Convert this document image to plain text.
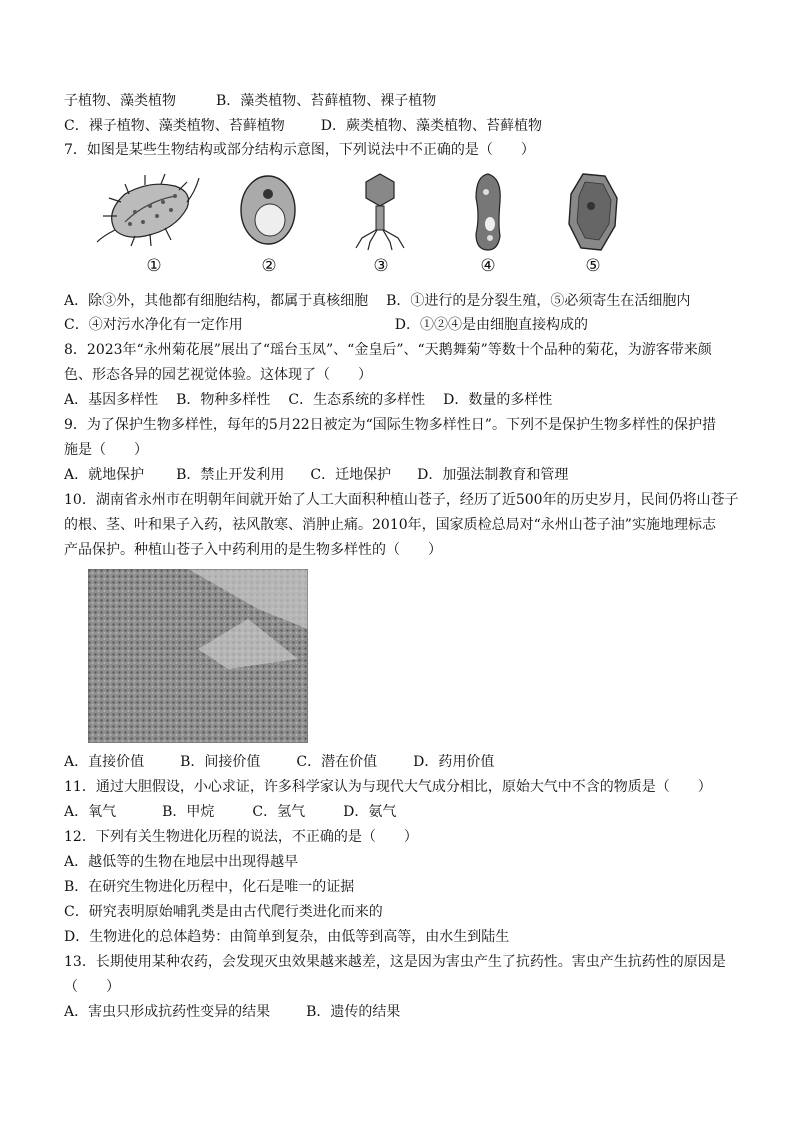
子植物、藻类植物	B．藻类植物、苔藓植物、裸子植物
C．裸子植物、藻类植物、苔藓植物	D．蕨类植物、藻类植物、苔藓植物
7．如图是某些生物结构或部分结构示意图，下列说法中不正确的是（　　）
①	②	③	④	⑤
A．除③外，其他都有细胞结构，都属于真核细胞 B．①进行的是分裂生殖，⑤必须寄生在活细胞内
C．④对污水净化有一定作用	D．①②④是由细胞直接构成的
8．2023年“永州菊花展”展出了“瑶台玉凤”、“金皇后”、“天鹅舞菊”等数十个品种的菊花，为游客带来颜
色、形态各异的园艺视觉体验。这体现了（　　）
A．基因多样性 B．物种多样性 C．生态系统的多样性 D．数量的多样性
9．为了保护生物多样性，每年的5月22日被定为“国际生物多样性日”。下列不是保护生物多样性的保护措
施是（　　）
A．就地保护 B．禁止开发利用 C．迁地保护 D．加强法制教育和管理
10．湖南省永州市在明朝年间就开始了人工大面积种植山苍子，经历了近500年的历史岁月，民间仍将山苍子
的根、茎、叶和果子入药，祛风散寒、消肿止痛。2010年，国家质检总局对“永州山苍子油”实施地理标志
产品保护。种植山苍子入中药利用的是生物多样性的（　　）
A．直接价值	B．间接价值	C．潜在价值	D．药用价值
11．通过大胆假设，小心求证，许多科学家认为与现代大气成分相比，原始大气中不含的物质是（　　）
A．氧气	B．甲烷	C．氢气	D．氨气
12．下列有关生物进化历程的说法，不正确的是（　　）
A．越低等的生物在地层中出现得越早
B．在研究生物进化历程中，化石是唯一的证据
C．研究表明原始哺乳类是由古代爬行类进化而来的
D．生物进化的总体趋势：由简单到复杂，由低等到高等，由水生到陆生
13．长期使用某种农药，会发现灭虫效果越来越差，这是因为害虫产生了抗药性。害虫产生抗药性的原因是
（　　）
A．害虫只形成抗药性变异的结果	B．遗传的结果
